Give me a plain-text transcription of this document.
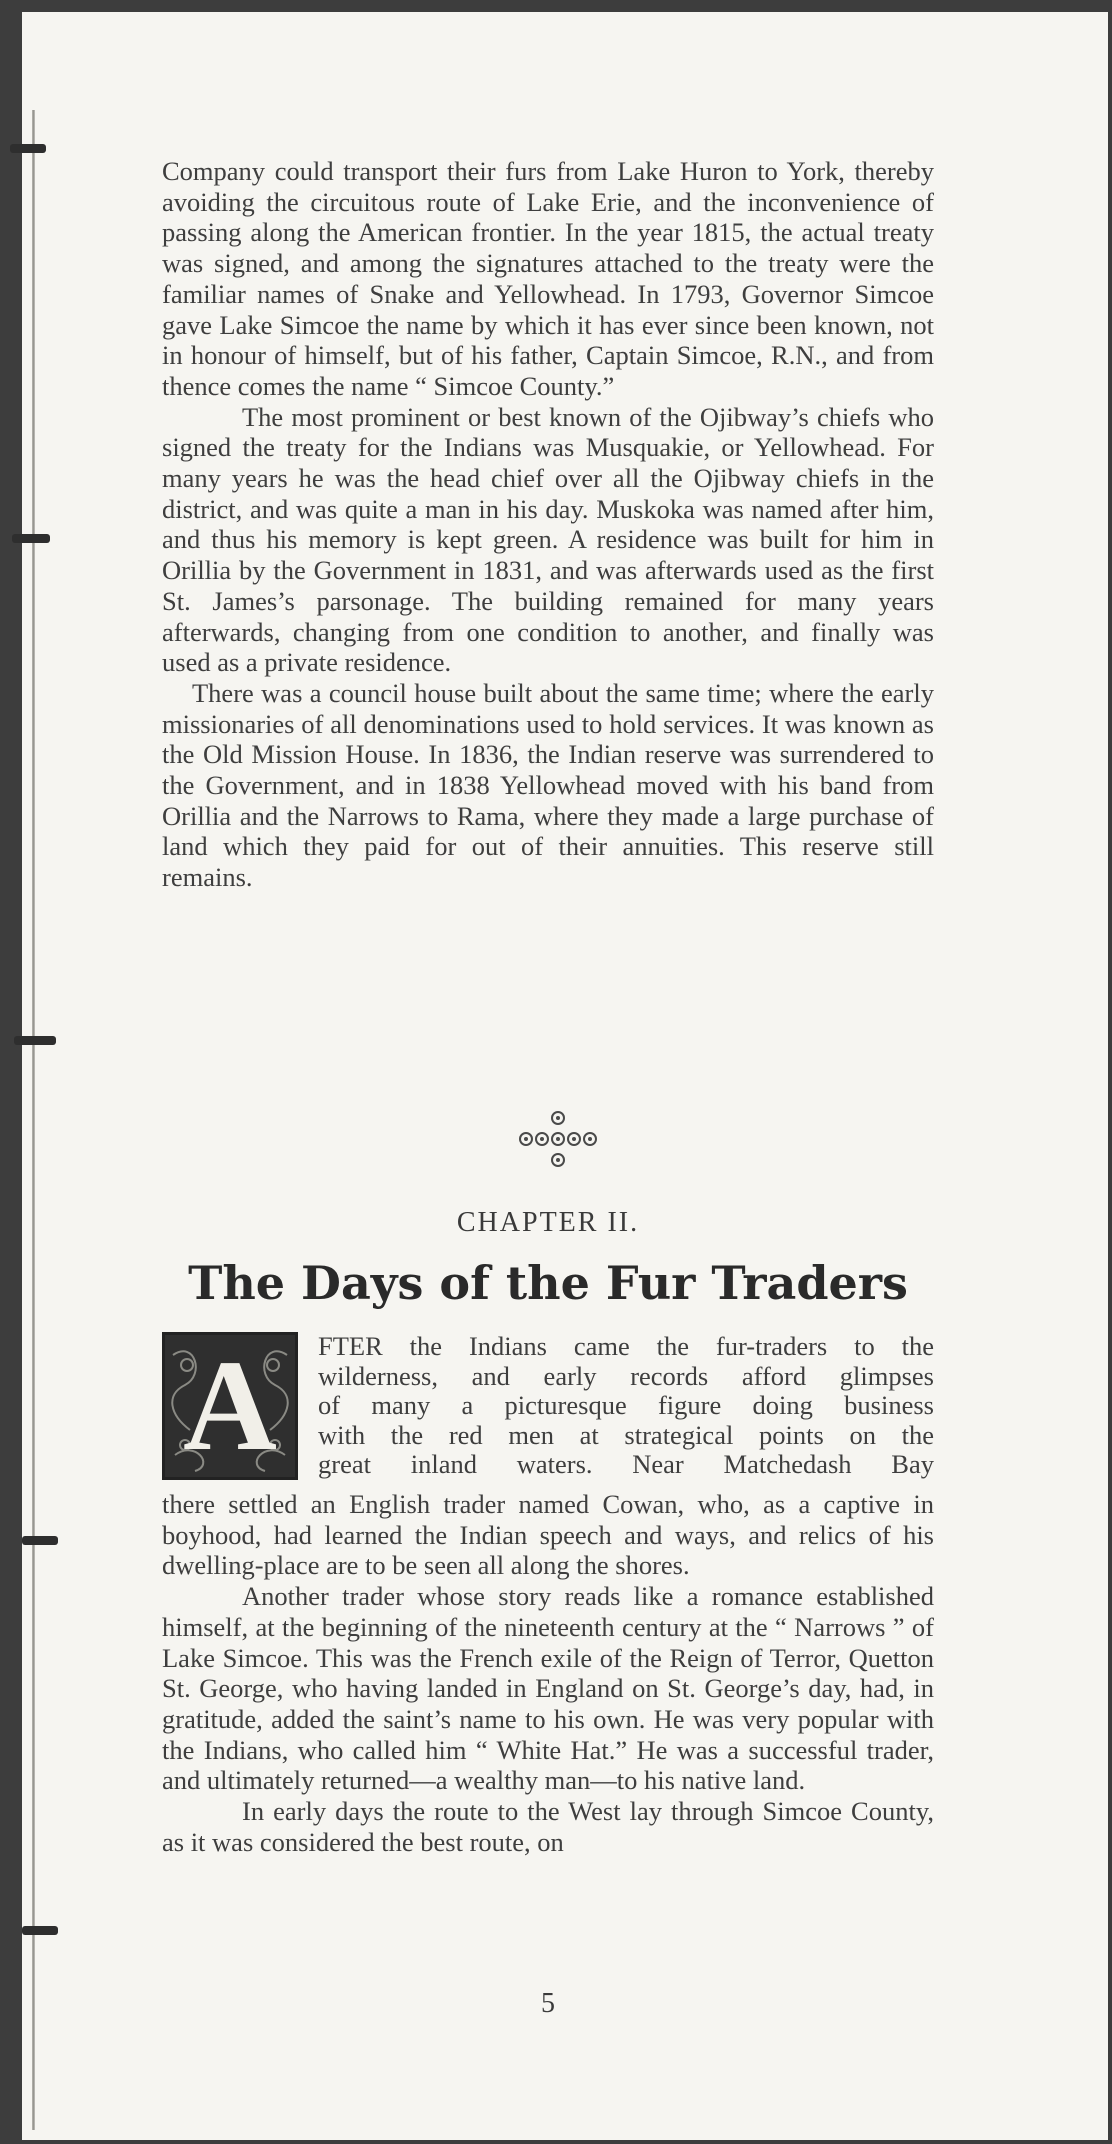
Company could transport their furs from Lake Huron to York, thereby avoiding the circuitous route of Lake Erie, and the inconvenience of passing along the American frontier. In the year 1815, the actual treaty was signed, and among the signatures attached to the treaty were the familiar names of Snake and Yellowhead. In 1793, Governor Simcoe gave Lake Simcoe the name by which it has ever since been known, not in honour of himself, but of his father, Captain Simcoe, R.N., and from thence comes the name “ Simcoe County.”

The most prominent or best known of the Ojibway’s chiefs who signed the treaty for the Indians was Musquakie, or Yellowhead. For many years he was the head chief over all the Ojibway chiefs in the district, and was quite a man in his day. Muskoka was named after him, and thus his memory is kept green. A residence was built for him in Orillia by the Government in 1831, and was afterwards used as the first St. James’s parsonage. The building remained for many years afterwards, changing from one condition to another, and finally was used as a private residence.

There was a council house built about the same time; where the early missionaries of all denominations used to hold services. It was known as the Old Mission House. In 1836, the Indian reserve was surrendered to the Government, and in 1838 Yellowhead moved with his band from Orillia and the Narrows to Rama, where they made a large purchase of land which they paid for out of their annuities. This reserve still remains.

CHAPTER II.
The Days of the Fur Traders
A	FTER the Indians came the fur-traders to the
wilderness, and early records afford glimpses
of many a picturesque figure doing business
with the red men at strategical points on the
great inland waters. Near Matchedash Bay

there settled an English trader named Cowan, who, as a captive in boyhood, had learned the Indian speech and ways, and relics of his dwelling-place are to be seen all along the shores.

Another trader whose story reads like a romance established himself, at the beginning of the nineteenth century at the “ Narrows ” of Lake Simcoe. This was the French exile of the Reign of Terror, Quetton St. George, who having landed in England on St. George’s day, had, in gratitude, added the saint’s name to his own. He was very popular with the Indians, who called him “ White Hat.” He was a successful trader, and ultimately returned—a wealthy man—to his native land.

In early days the route to the West lay through Simcoe County, as it was considered the best route, on

5
